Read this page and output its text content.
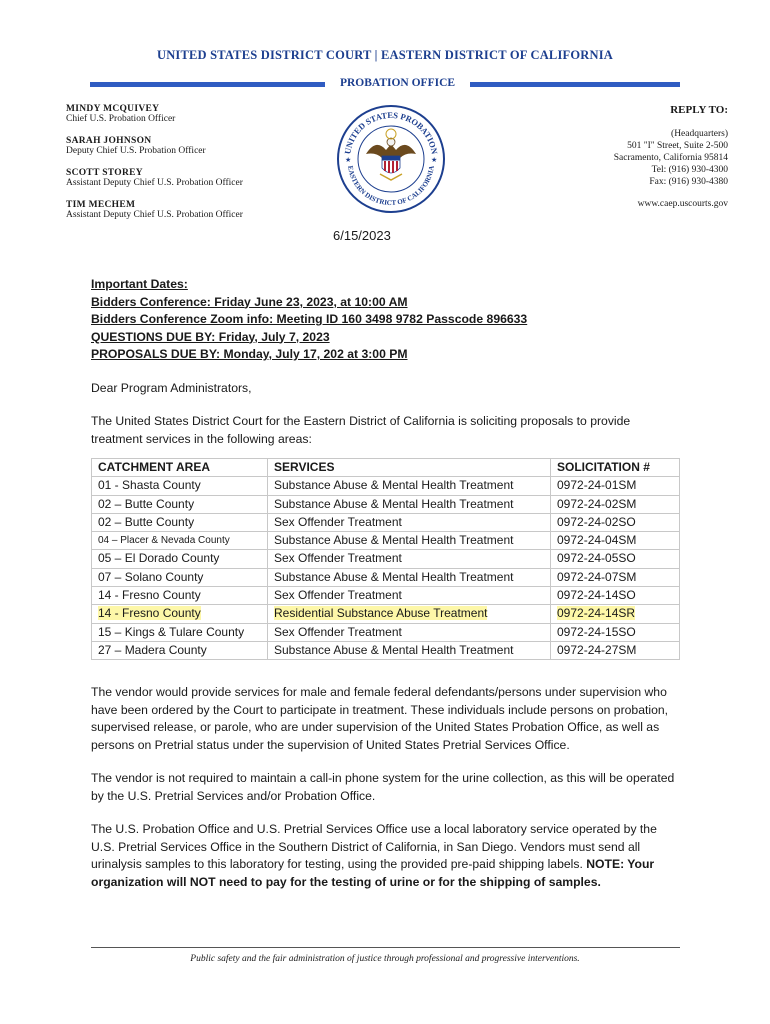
UNITED STATES DISTRICT COURT | EASTERN DISTRICT OF CALIFORNIA
PROBATION OFFICE
MINDY MCQUIVEY
Chief U.S. Probation Officer
SARAH JOHNSON
Deputy Chief U.S. Probation Officer
SCOTT STOREY
Assistant Deputy Chief U.S. Probation Officer
TIM MECHEM
Assistant Deputy Chief U.S. Probation Officer
UNITED STATES PROBATION
EASTERN DISTRICT OF CALIFORNIA
★	★
REPLY TO:
(Headquarters)
501 "I" Street, Suite 2-500
Sacramento, California 95814
Tel: (916) 930-4300
Fax: (916) 930-4380
www.caep.uscourts.gov
6/15/2023
Important Dates:
Bidders Conference: Friday June 23, 2023, at 10:00 AM
Bidders Conference Zoom info: Meeting ID 160 3498 9782 Passcode 896633
QUESTIONS DUE BY: Friday, July 7, 2023
PROPOSALS DUE BY: Monday, July 17, 202 at 3:00 PM

Dear Program Administrators,

The United States District Court for the Eastern District of California is soliciting proposals to provide treatment services in the following areas:

CATCHMENT AREA	SERVICES	SOLICITATION #
01 - Shasta County	Substance Abuse & Mental Health Treatment	0972-24-01SM
02 – Butte County	Substance Abuse & Mental Health Treatment	0972-24-02SM
02 – Butte County	Sex Offender Treatment	0972-24-02SO
04 – Placer & Nevada County	Substance Abuse & Mental Health Treatment	0972-24-04SM
05 – El Dorado County	Sex Offender Treatment	0972-24-05SO
07 – Solano County	Substance Abuse & Mental Health Treatment	0972-24-07SM
14 - Fresno County	Sex Offender Treatment	0972-24-14SO
14 - Fresno County	Residential Substance Abuse Treatment	0972-24-14SR
15 – Kings & Tulare County	Sex Offender Treatment	0972-24-15SO
27 – Madera County	Substance Abuse & Mental Health Treatment	0972-24-27SM

The vendor would provide services for male and female federal defendants/persons under supervision who have been ordered by the Court to participate in treatment. These individuals include persons on probation, supervised release, or parole, who are under supervision of the United States Probation Office, as well as persons on Pretrial status under the supervision of United States Pretrial Services Office.

The vendor is not required to maintain a call-in phone system for the urine collection, as this will be operated by the U.S. Pretrial Services and/or Probation Office.

The U.S. Probation Office and U.S. Pretrial Services Office use a local laboratory service operated by the U.S. Pretrial Services Office in the Southern District of California, in San Diego. Vendors must send all urinalysis samples to this laboratory for testing, using the provided pre-paid shipping labels. NOTE: Your organization will NOT need to pay for the testing of urine or for the shipping of samples.

Public safety and the fair administration of justice through professional and progressive interventions.
